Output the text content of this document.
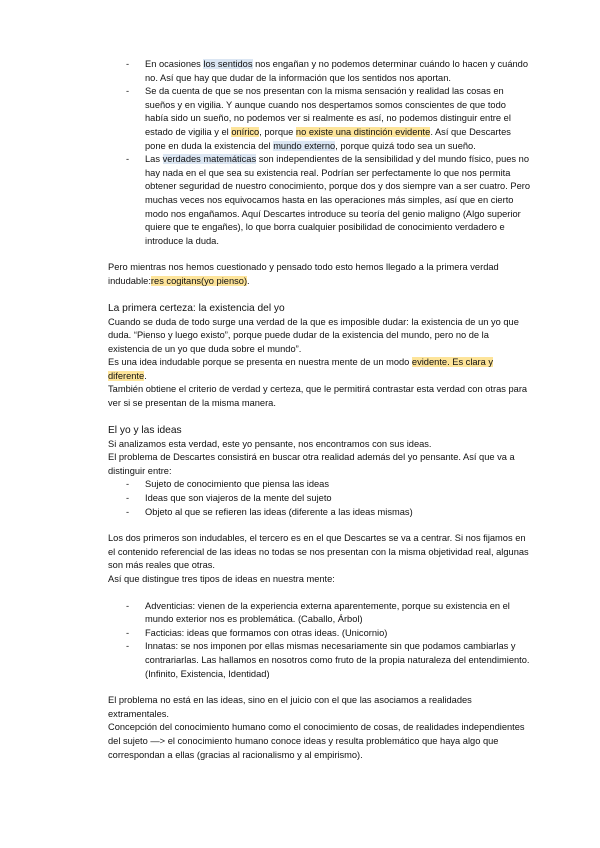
- En ocasiones los sentidos nos engañan y no podemos determinar cuándo lo hacen y cuándo no. Así que hay que dudar de la información que los sentidos nos aportan.
- Se da cuenta de que se nos presentan con la misma sensación y realidad las cosas en sueños y en vigilia. Y aunque cuando nos despertamos somos conscientes de que todo había sido un sueño, no podemos ver si realmente es así, no podemos distinguir entre el estado de vigilia y el onírico, porque no existe una distinción evidente. Así que Descartes pone en duda la existencia del mundo externo, porque quizá todo sea un sueño.
- Las verdades matemáticas son independientes de la sensibilidad y del mundo físico, pues no hay nada en el que sea su existencia real. Podrían ser perfectamente lo que nos permita obtener seguridad de nuestro conocimiento, porque dos y dos siempre van a ser cuatro. Pero muchas veces nos equivocamos hasta en las operaciones más simples, así que en cierto modo nos engañamos. Aquí Descartes introduce su teoría del genio maligno (Algo superior quiere que te engañes), lo que borra cualquier posibilidad de conocimiento verdadero e introduce la duda.

Pero mientras nos hemos cuestionado y pensado todo esto hemos llegado a la primera verdad indudable:res cogitans(yo pienso).

La primera certeza: la existencia del yo

Cuando se duda de todo surge una verdad de la que es imposible dudar: la existencia de un yo que duda. “Pienso y luego existo”, porque puede dudar de la existencia del mundo, pero no de la existencia de un yo que duda sobre el mundo”.

Es una idea indudable porque se presenta en nuestra mente de un modo evidente. Es clara y diferente.

También obtiene el criterio de verdad y certeza, que le permitirá contrastar esta verdad con otras para ver si se presentan de la misma manera.

El yo y las ideas

Si analizamos esta verdad, este yo pensante, nos encontramos con sus ideas.

El problema de Descartes consistirá en buscar otra realidad además del yo pensante. Así que va a distinguir entre:

- Sujeto de conocimiento que piensa las ideas
- Ideas que son viajeros de la mente del sujeto
- Objeto al que se refieren las ideas (diferente a las ideas mismas)

Los dos primeros son indudables, el tercero es en el que Descartes se va a centrar. Si nos fijamos en el contenido referencial de las ideas no todas se nos presentan con la misma objetividad real, algunas son más reales que otras.

Así que distingue tres tipos de ideas en nuestra mente:

- Adventicias: vienen de la experiencia externa aparentemente, porque su existencia en el mundo exterior nos es problemática. (Caballo, Árbol)
- Facticias: ideas que formamos con otras ideas. (Unicornio)
- Innatas: se nos imponen por ellas mismas necesariamente sin que podamos cambiarlas y contrariarlas. Las hallamos en nosotros como fruto de la propia naturaleza del entendimiento. (Infinito, Existencia, Identidad)

El problema no está en las ideas, sino en el juicio con el que las asociamos a realidades extramentales.

Concepción del conocimiento humano como el conocimiento de cosas, de realidades independientes del sujeto —> el conocimiento humano conoce ideas y resulta problemático que haya algo que correspondan a ellas (gracias al racionalismo y al empirismo).
